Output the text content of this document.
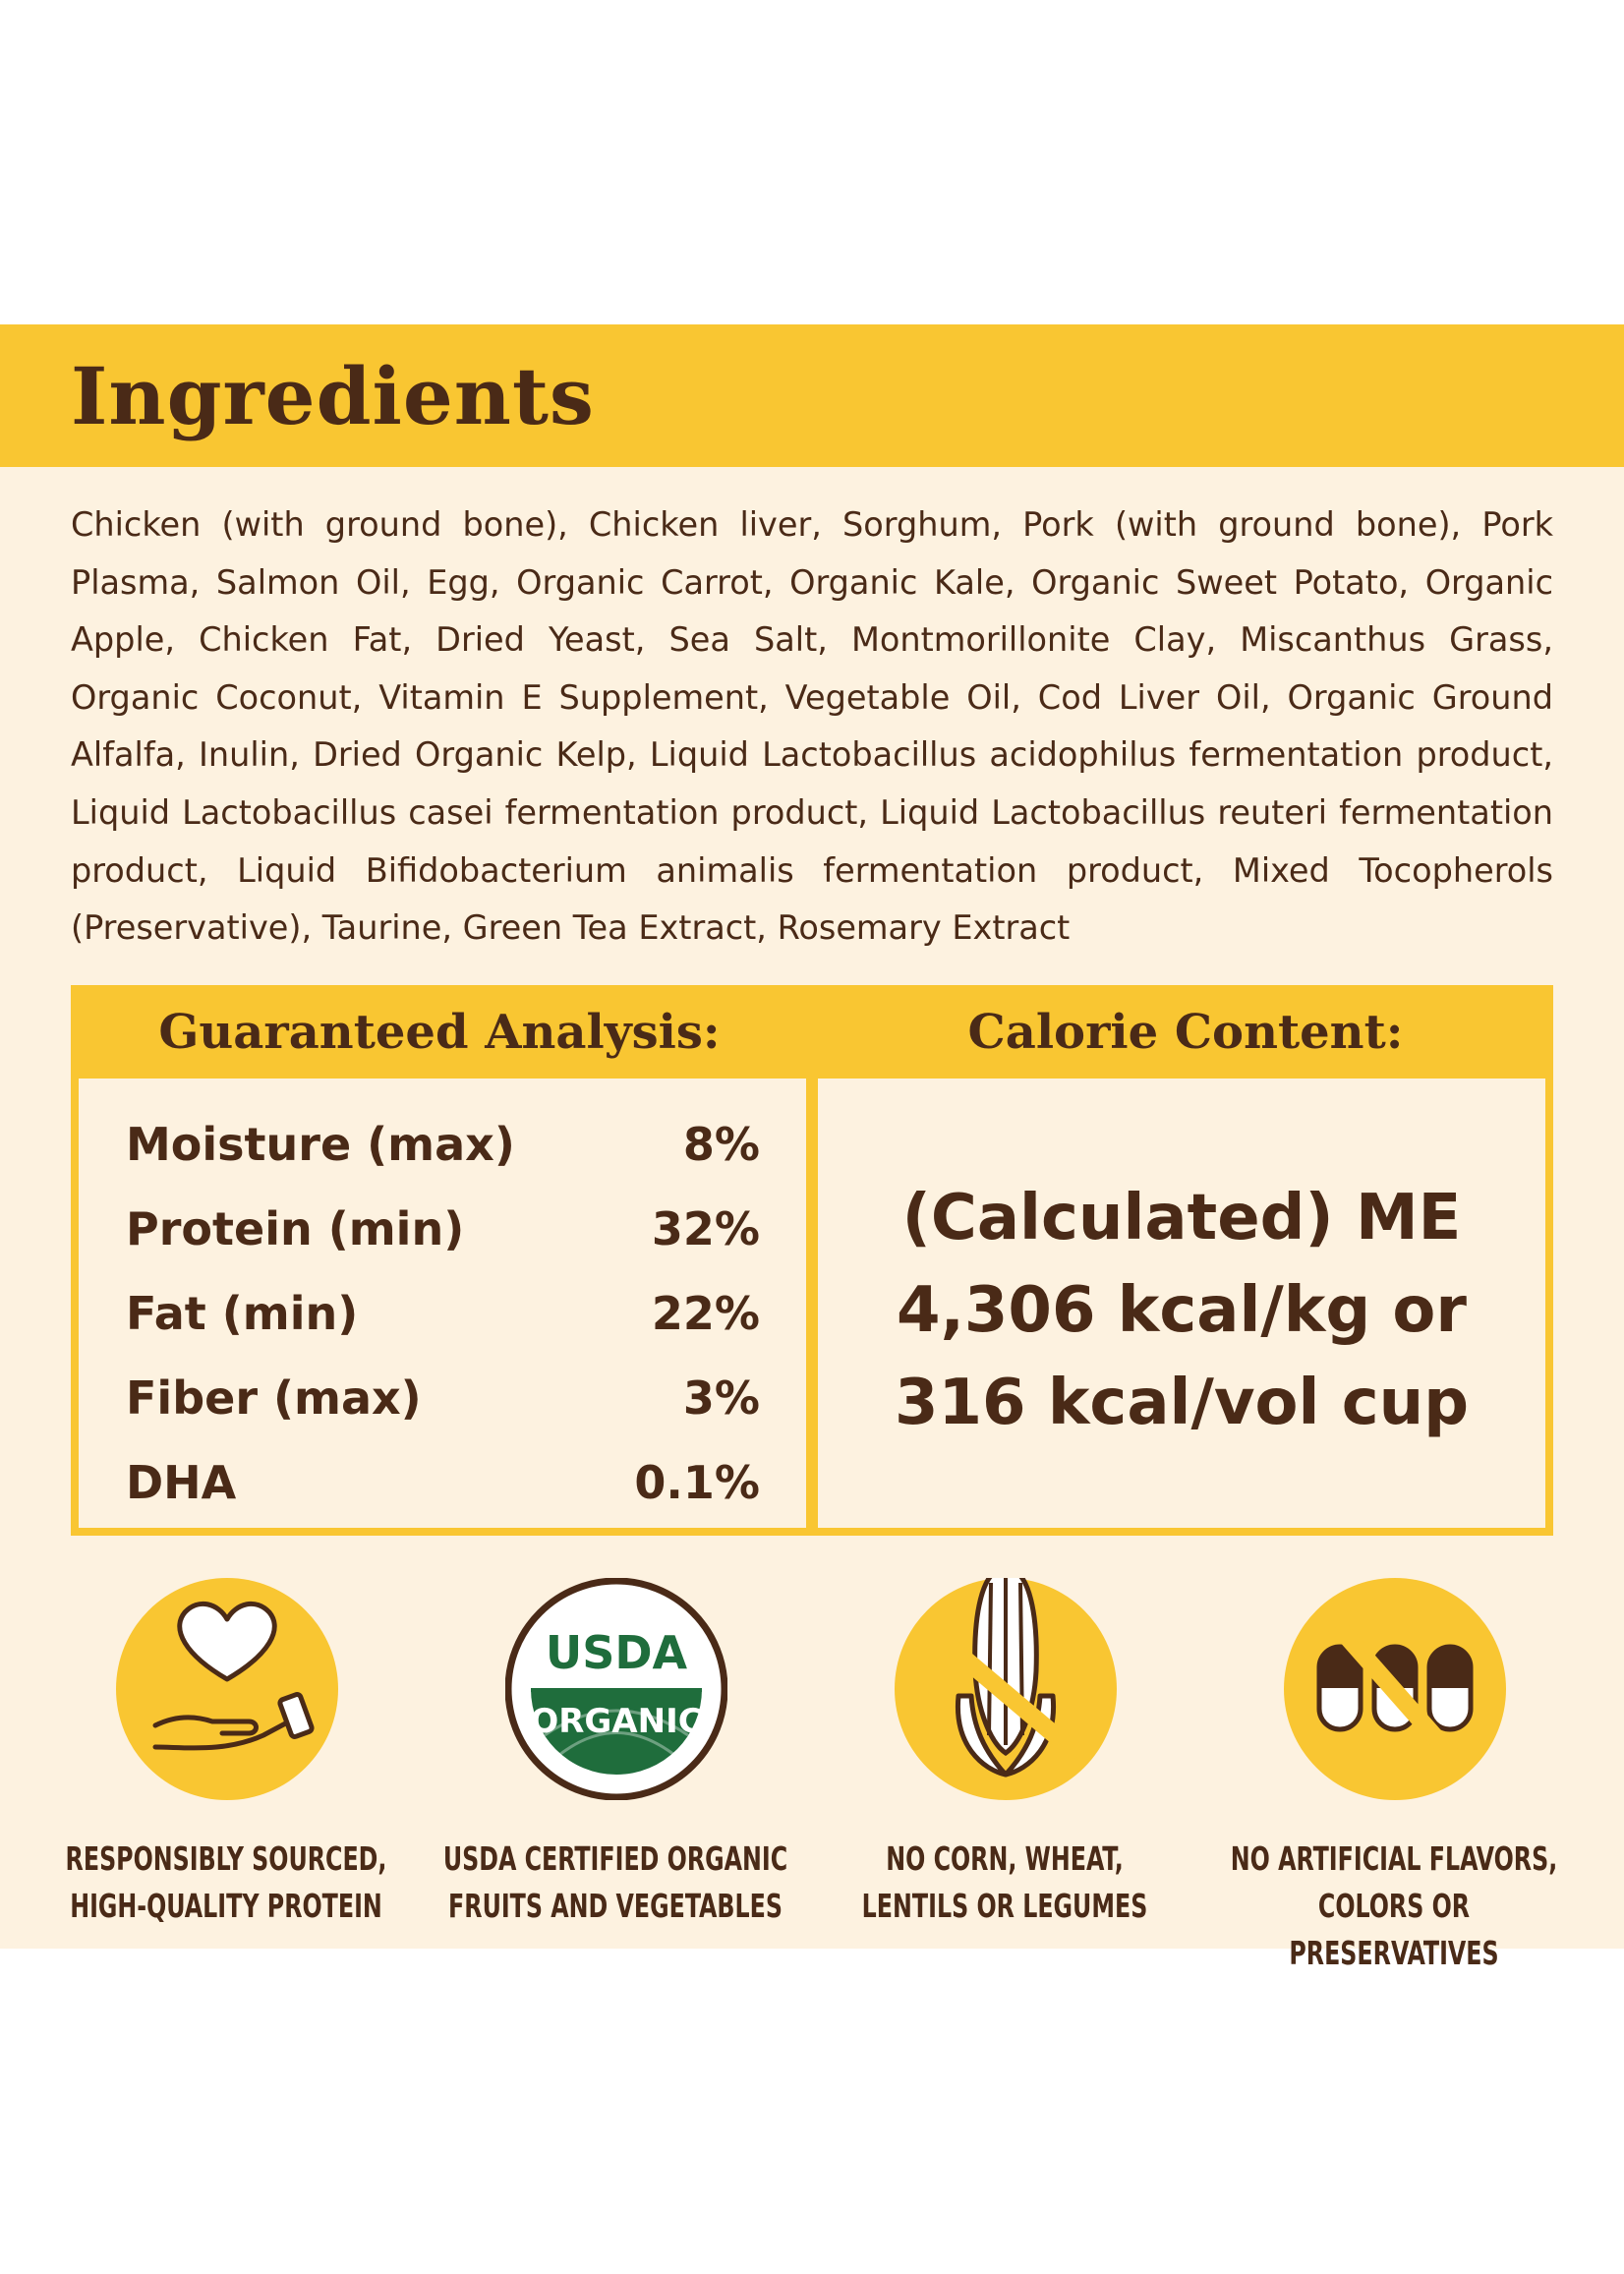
Ingredients

Chicken (with ground bone), Chicken liver, Sorghum, Pork (with ground bone), Pork Plasma, Salmon Oil, Egg, Organic Carrot, Organic Kale, Organic Sweet Potato, Organic Apple, Chicken Fat, Dried Yeast, Sea Salt, Montmorillonite Clay, Miscanthus Grass, Organic Coconut, Vitamin E Supplement, Vegetable Oil, Cod Liver Oil, Organic Ground Alfalfa, Inulin, Dried Organic Kelp, Liquid Lactobacillus acidophilus fermentation product, Liquid Lactobacillus casei fermentation product, Liquid Lactobacillus reuteri fermentation product, Liquid Bifidobacterium animalis fermentation product, Mixed Tocopherols (Preservative), Taurine, Green Tea Extract, Rosemary Extract

Guaranteed Analysis:	Calorie Content:
Moisture (max)	8%
Protein (min)	32%
Fat (min)	22%
Fiber (max)	3%
DHA	0.1%

(Calculated) ME
4,306 kcal/kg or
316 kcal/vol cup

RESPONSIBLY SOURCED,
HIGH-QUALITY PROTEIN

USDA
ORGANIC

USDA CERTIFIED ORGANIC
FRUITS AND VEGETABLES

NO CORN, WHEAT,
LENTILS OR LEGUMES

NO ARTIFICIAL FLAVORS,
COLORS OR PRESERVATIVES
